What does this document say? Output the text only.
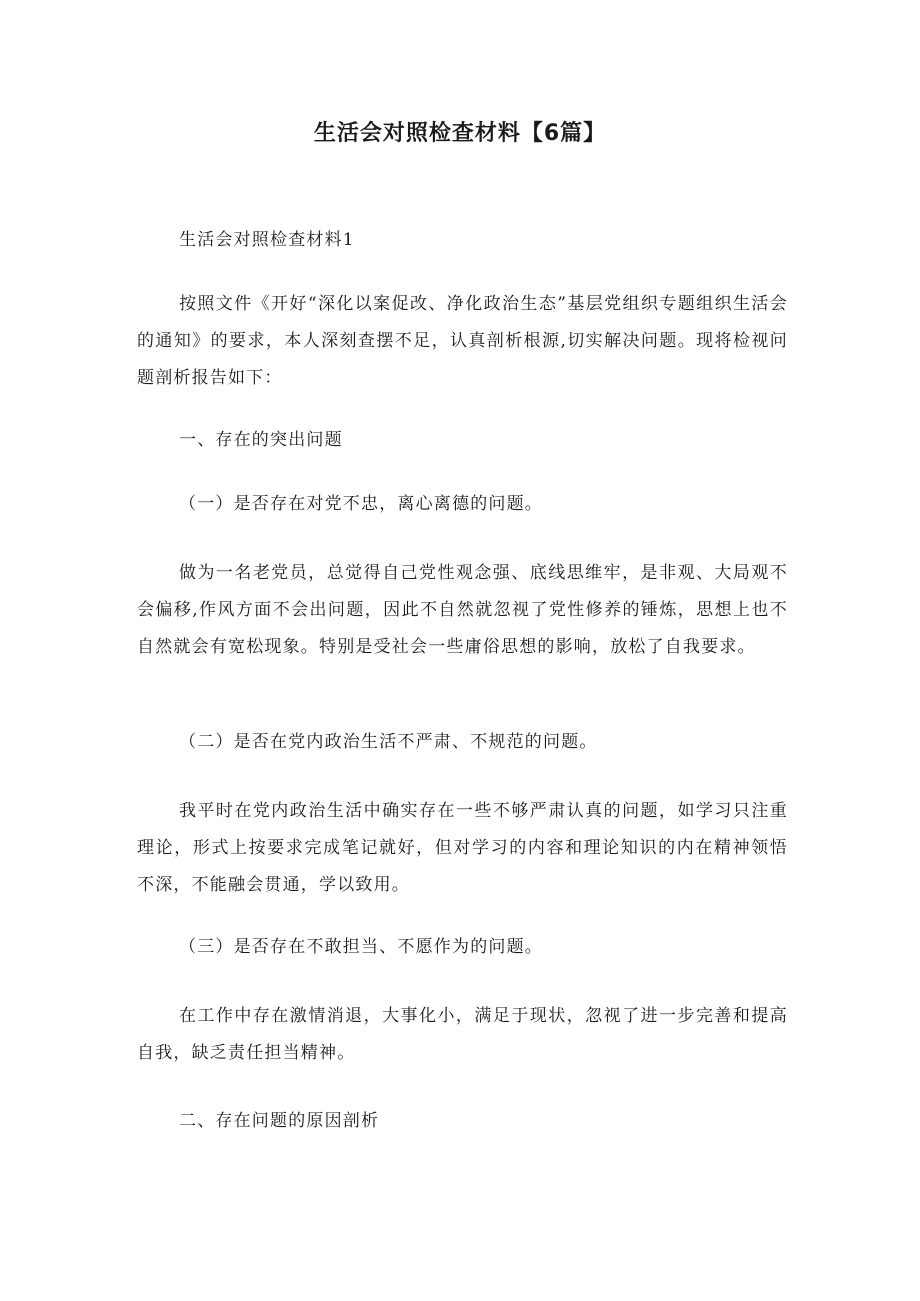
生活会对照检查材料【6篇】

生活会对照检查材料1

按照文件《开好“深化以案促改、净化政治生态”基层党组织专题组织生活会的通知》的要求，本人深刻查摆不足，认真剖析根源,切实解决问题。现将检视问题剖析报告如下：

一、存在的突出问题

（一）是否存在对党不忠，离心离德的问题。

做为一名老党员，总觉得自己党性观念强、底线思维牢，是非观、大局观不会偏移,作风方面不会出问题，因此不自然就忽视了党性修养的锤炼，思想上也不自然就会有宽松现象。特别是受社会一些庸俗思想的影响，放松了自我要求。

（二）是否在党内政治生活不严肃、不规范的问题。

我平时在党内政治生活中确实存在一些不够严肃认真的问题，如学习只注重理论，形式上按要求完成笔记就好，但对学习的内容和理论知识的内在精神领悟不深，不能融会贯通，学以致用。

（三）是否存在不敢担当、不愿作为的问题。

在工作中存在激情消退，大事化小，满足于现状，忽视了进一步完善和提高自我，缺乏责任担当精神。

二、存在问题的原因剖析
